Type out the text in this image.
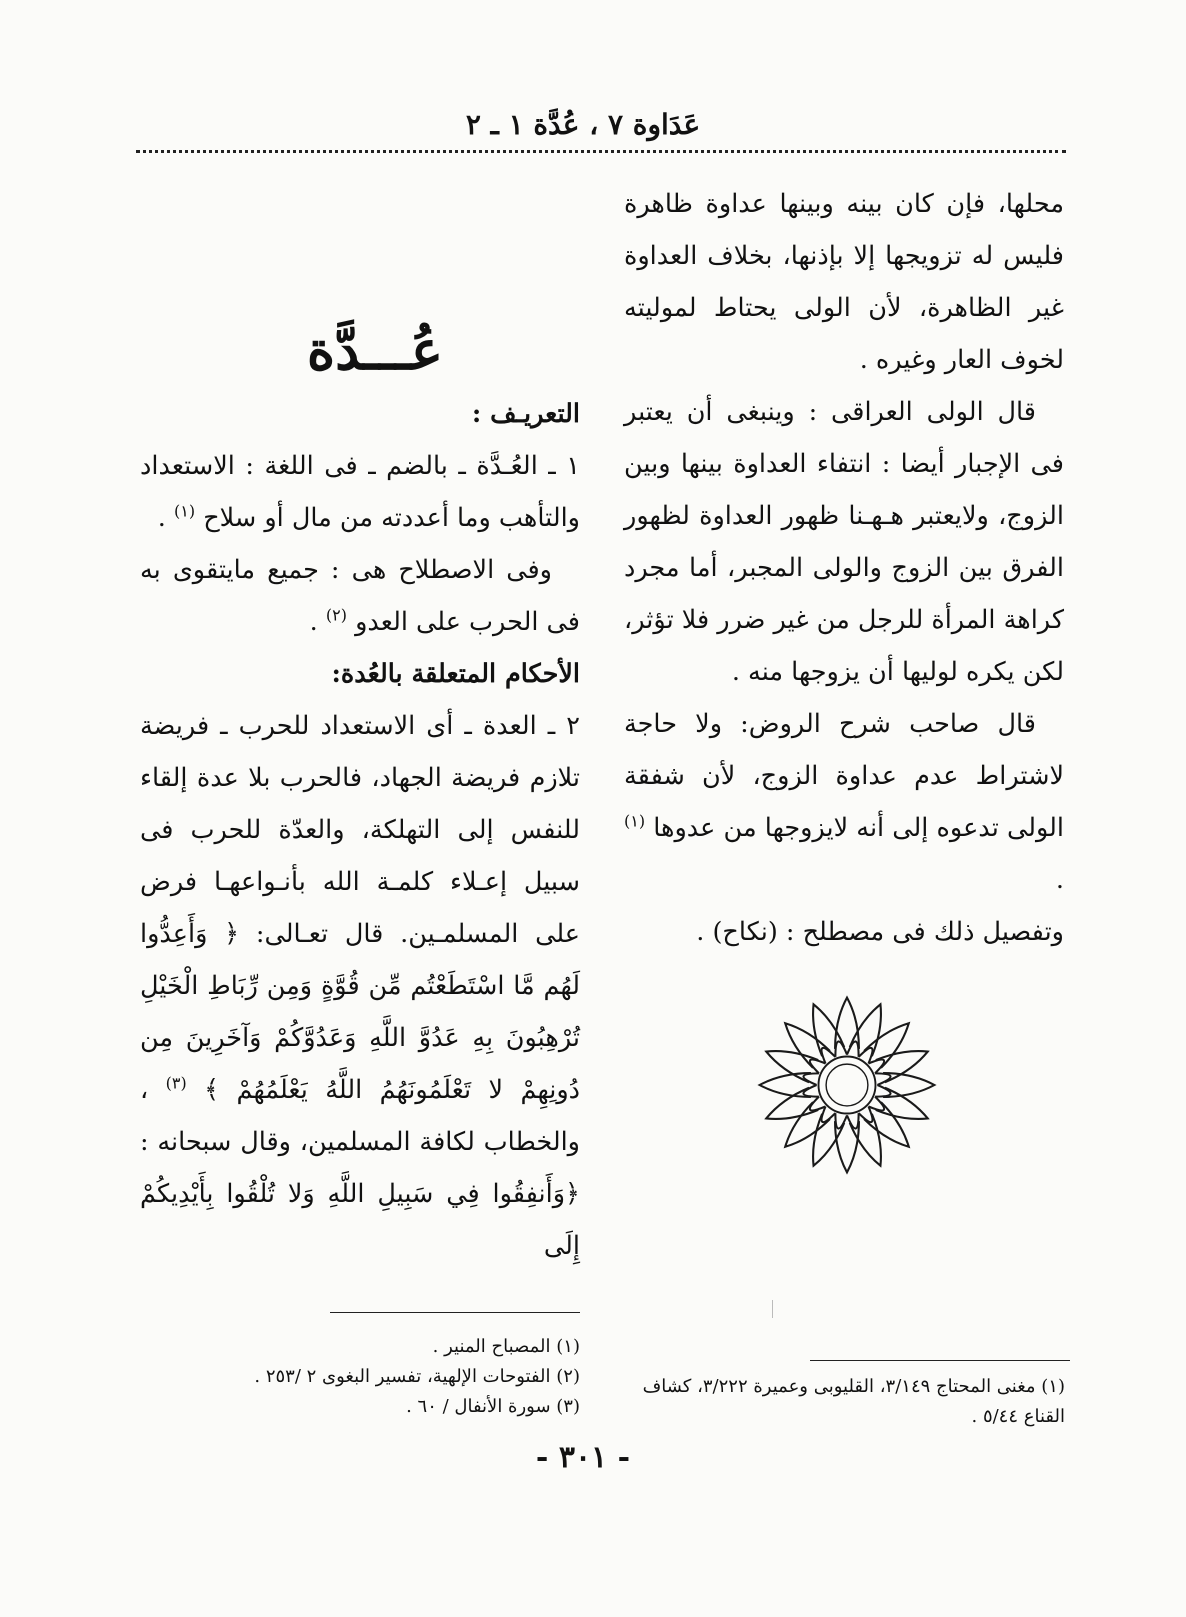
عَدَاوة ٧ ، عُدَّة ١ ـ ٢

محلها، فإن كان بينه وبينها عداوة ظاهرة فليس له تزويجها إلا بإذنها، بخلاف العداوة غير الظاهرة، لأن الولى يحتاط لموليته لخوف العار وغيره .

قال الولى العراقى : وينبغى أن يعتبر فى الإجبار أيضا : انتفاء العداوة بينها وبين الزوج، ولايعتبر هـهـنا ظهور العداوة لظهور الفرق بين الزوج والولى المجبر، أما مجرد كراهة المرأة للرجل من غير ضرر فلا تؤثر، لكن يكره لوليها أن يزوجها منه .

قال صاحب شرح الروض: ولا حاجة لاشتراط عدم عداوة الزوج، لأن شفقة الولى تدعوه إلى أنه لايزوجها من عدوها $^{(١)}$ .

وتفصيل ذلك فى مصطلح : (نكاح) .

عُـــدَّة

التعريـف :

١ ـ العُـدَّة ـ بالضم ـ فى اللغة : الاستعداد والتأهب وما أعددته من مال أو سلاح $^{(١)}$ .

وفى الاصطلاح هى : جميع مايتقوى به فى الحرب على العدو $^{(٢)}$ .

الأحكام المتعلقة بالعُدة:

٢ ـ العدة ـ أى الاستعداد للحرب ـ فريضة تلازم فريضة الجهاد، فالحرب بلا عدة إلقاء للنفس إلى التهلكة، والعدّة للحرب فى سبيل إعـلاء كلمـة الله بأنـواعهـا فرض على المسلمـين. قال تعـالى: ﴿ وَأَعِدُّوا لَهُم مَّا اسْتَطَعْتُم مِّن قُوَّةٍ وَمِن رِّبَاطِ الْخَيْلِ تُرْهِبُونَ بِهِ عَدُوَّ اللَّهِ وَعَدُوَّكُمْ وَآخَرِينَ مِن دُونِهِمْ لا تَعْلَمُونَهُمُ اللَّهُ يَعْلَمُهُمْ ﴾ $^{(٣)}$ ، والخطاب لكافة المسلمين، وقال سبحانه : ﴿وَأَنفِقُوا فِي سَبِيلِ اللَّهِ وَلا تُلْقُوا بِأَيْدِيكُمْ إِلَى

(١) المصباح المنير .

(٢) الفتوحات الإلهية، تفسير البغوى ٢ /٢٥٣ .

(٣) سورة الأنفال / ٦٠ .

(١) مغنى المحتاج ٣/١٤٩، القليوبى وعميرة ٣/٢٢٢، كشاف القناع ٥/٤٤ .

- ٣٠١ -
